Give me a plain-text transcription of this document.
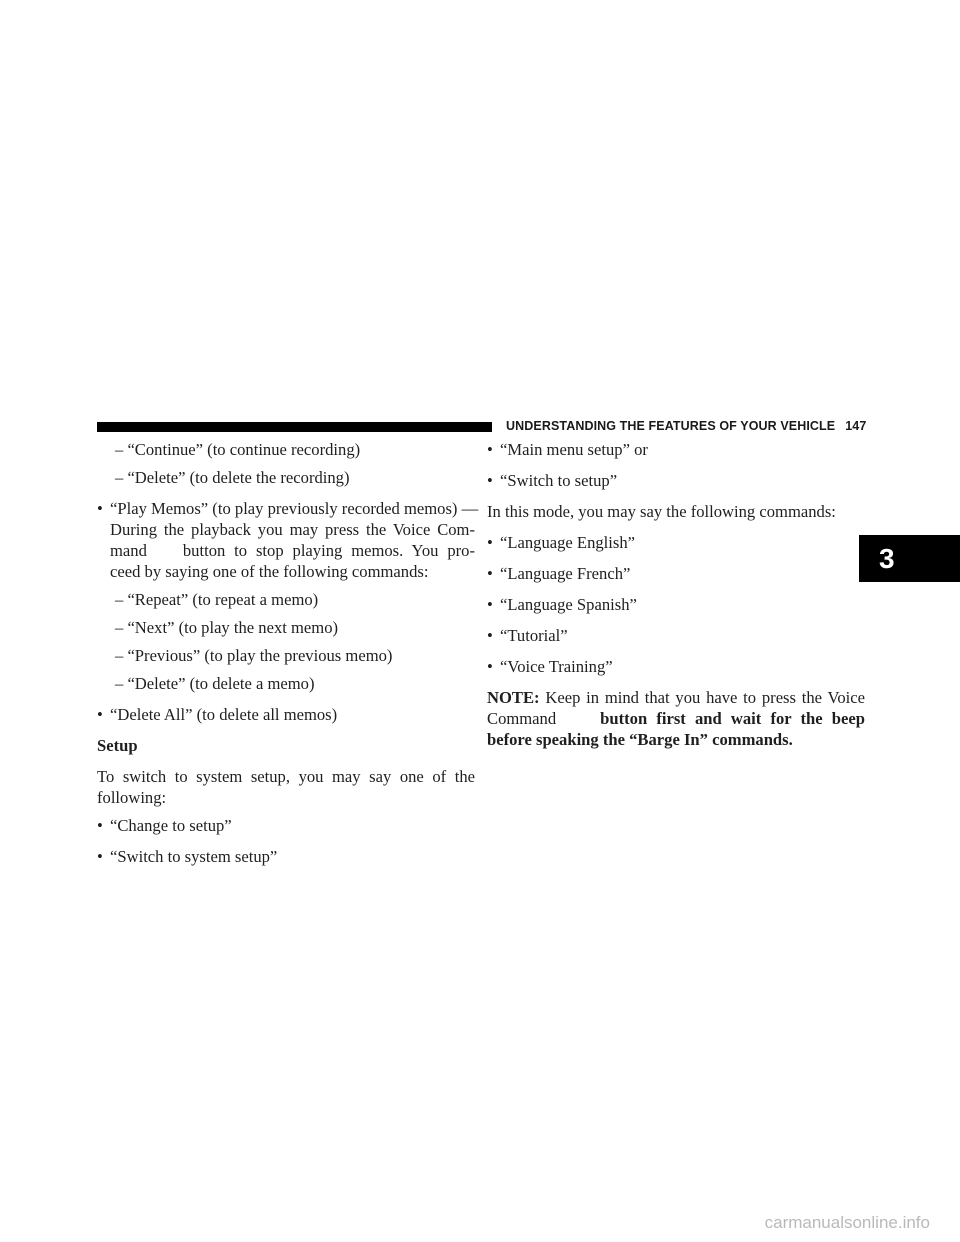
UNDERSTANDING THE FEATURES OF YOUR VEHICLE 147
– “Continue” (to continue recording)
– “Delete” (to delete the recording)
• “Play Memos” (to play previously recorded memos) —
During the playback you may press the Voice Com-
mand button to stop playing memos. You pro-
ceed by saying one of the following commands:
– “Repeat” (to repeat a memo)
– “Next” (to play the next memo)
– “Previous” (to play the previous memo)
– “Delete” (to delete a memo)
• “Delete All” (to delete all memos)
Setup
To switch to system setup, you may say one of the
following:
• “Change to setup”
• “Switch to system setup”
• “Main menu setup” or
• “Switch to setup”
In this mode, you may say the following commands:
• “Language English”
• “Language French”
• “Language Spanish”
• “Tutorial”
• “Voice Training”
NOTE: Keep in mind that you have to press the Voice
Command	button first and wait for the beep
before speaking the “Barge In” commands.
3
carmanualsonline.info
